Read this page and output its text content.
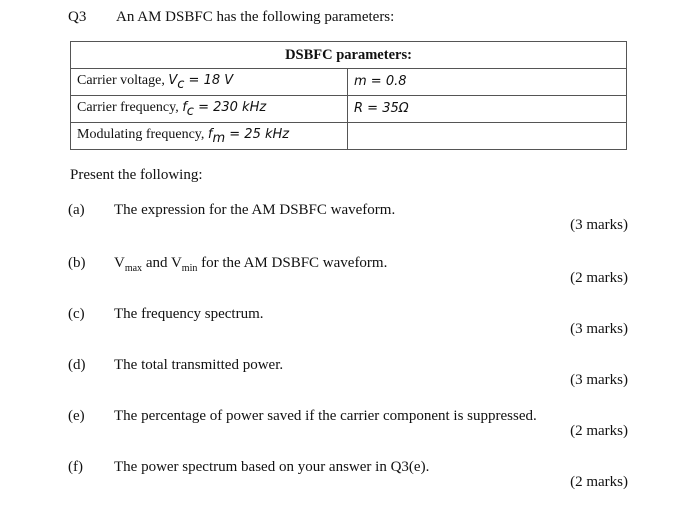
Q3 An AM DSBFC has the following parameters:
DSBFC parameters:	
Carrier voltage, $V_c = 18$ V	m = 0.8
Carrier frequency, $f_c = 230$ kHz	R = 35Ω
Modulating frequency, $f_m = 25$ kHz	
Present the following:
(a) The expression for the AM DSBFC waveform.
(3 marks)
(b) $V_{max}$ and $V_{min}$ for the AM DSBFC waveform.
(2 marks)
(c) The frequency spectrum.
(3 marks)
(d) The total transmitted power.
(3 marks)
(e) The percentage of power saved if the carrier component is suppressed.
(2 marks)
(f) The power spectrum based on your answer in Q3(e).
(2 marks)
